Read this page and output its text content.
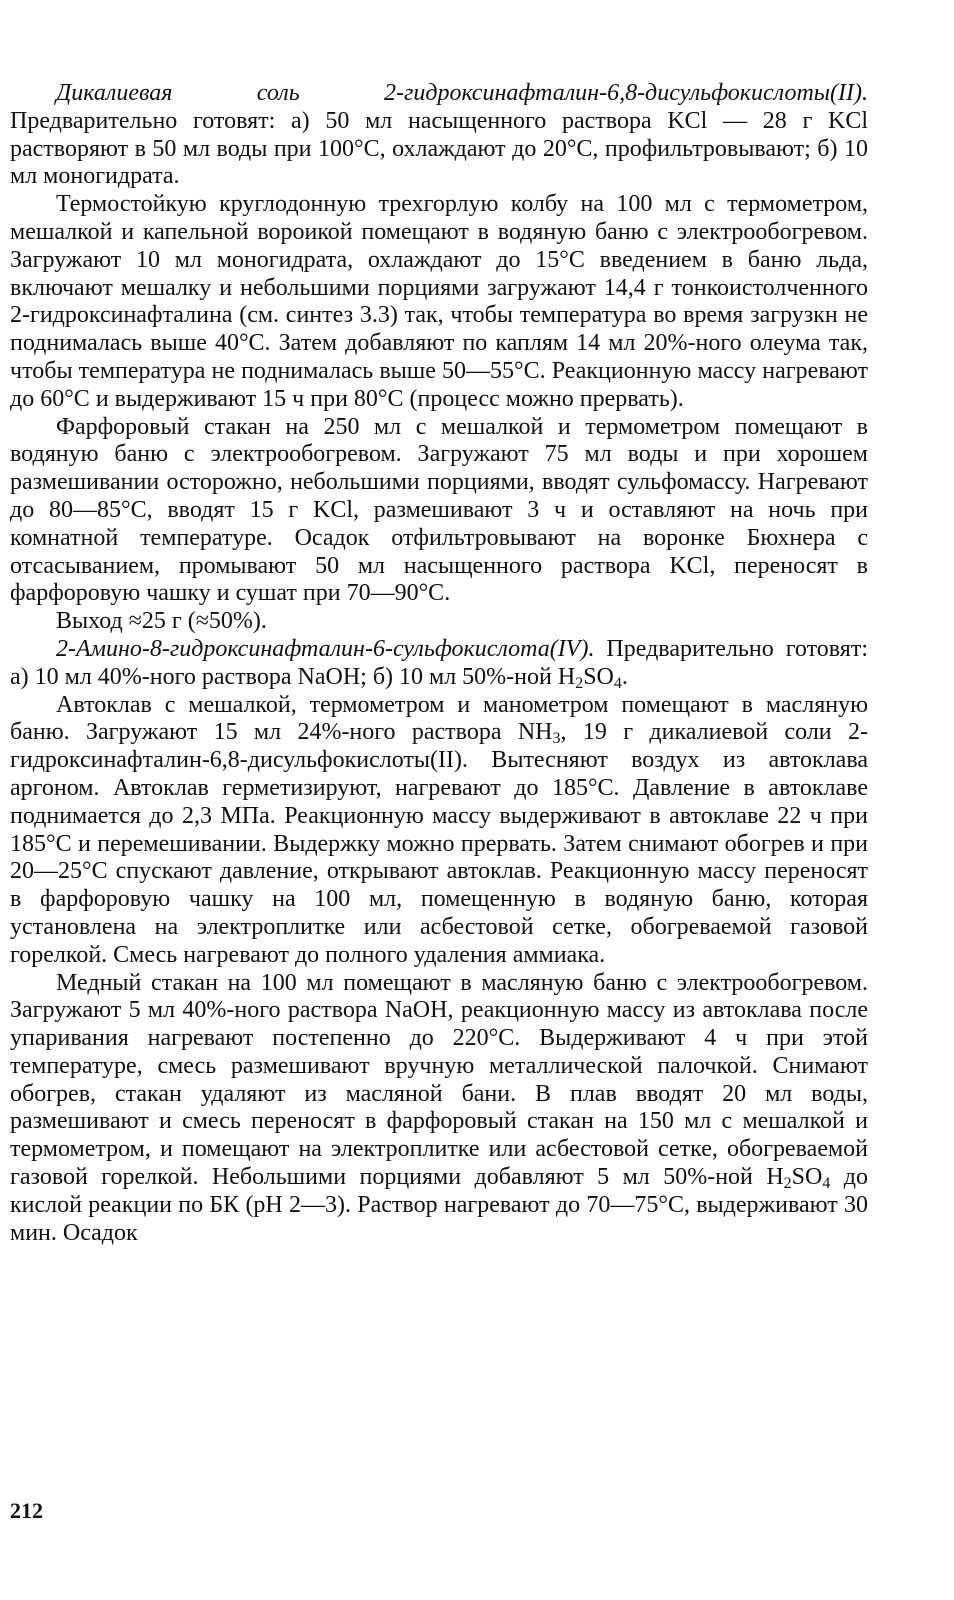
Дикалиевая соль 2-гидроксинафталин-6,8-дисульфокислоты(II). Предварительно готовят: а) 50 мл насыщенного раствора KCl — 28 г KCl растворяют в 50 мл воды при 100°С, охлаждают до 20°С, профильтровывают; б) 10 мл моногидрата.

Термостойкую круглодонную трехгорлую колбу на 100 мл с термометром, мешалкой и капельной вороикой помещают в водяную баню с электрообогревом. Загружают 10 мл моногидрата, охлаждают до 15°С введением в баню льда, включают мешалку и небольшими порциями загружают 14,4 г тонкоистолченного 2-гидроксинафталина (см. синтез 3.3) так, чтобы температура во время загрузкн не поднималась выше 40°С. Затем добавляют по каплям 14 мл 20%-ного олеума так, чтобы температура не поднималась выше 50—55°С. Реакционную массу нагревают до 60°С и выдерживают 15 ч при 80°С (процесс можно прервать).

Фарфоровый стакан на 250 мл с мешалкой и термометром помещают в водяную баню с электрообогревом. Загружают 75 мл воды и при хорошем размешивании осторожно, небольшими порциями, вводят сульфомассу. Нагревают до 80—85°С, вводят 15 г KCl, размешивают 3 ч и оставляют на ночь при комнатной температуре. Осадок отфильтровывают на воронке Бюхнера с отсасыванием, промывают 50 мл насыщенного раствора KCl, переносят в фарфоровую чашку и сушат при 70—90°С.

Выход ≈25 г (≈50%).

2-Амино-8-гидроксинафталин-6-сульфокислота(IV). Предварительно готовят: а) 10 мл 40%-ного раствора NaOH; б) 10 мл 50%-ной $H_2SO_4$.

Автоклав с мешалкой, термометром и манометром помещают в масляную баню. Загружают 15 мл 24%-ного раствора $NH_3$, 19 г дикалиевой соли 2-гидроксинафталин-6,8-дисульфокислоты(II). Вытесняют воздух из автоклава аргоном. Автоклав герметизируют, нагревают до 185°С. Давление в автоклаве поднимается до 2,3 МПа. Реакционную массу выдерживают в автоклаве 22 ч при 185°С и перемешивании. Выдержку можно прервать. Затем снимают обогрев и при 20—25°С спускают давление, открывают автоклав. Реакционную массу переносят в фарфоровую чашку на 100 мл, помещенную в водяную баню, которая установлена на электроплитке или асбестовой сетке, обогреваемой газовой горелкой. Смесь нагревают до полного удаления аммиака.

Медный стакан на 100 мл помещают в масляную баню с электрообогревом. Загружают 5 мл 40%-ного раствора NaOH, реакционную массу из автоклава после упаривания нагревают постепенно до 220°С. Выдерживают 4 ч при этой температуре, смесь размешивают вручную металлической палочкой. Снимают обогрев, стакан удаляют из масляной бани. В плав вводят 20 мл воды, размешивают и смесь переносят в фарфоровый стакан на 150 мл с мешалкой и термометром, и помещают на электроплитке или асбестовой сетке, обогреваемой газовой горелкой. Небольшими порциями добавляют 5 мл 50%-ной $H_2SO_4$ до кислой реакции по БК (рН 2—3). Раствор нагревают до 70—75°С, выдерживают 30 мин. Осадок

212
